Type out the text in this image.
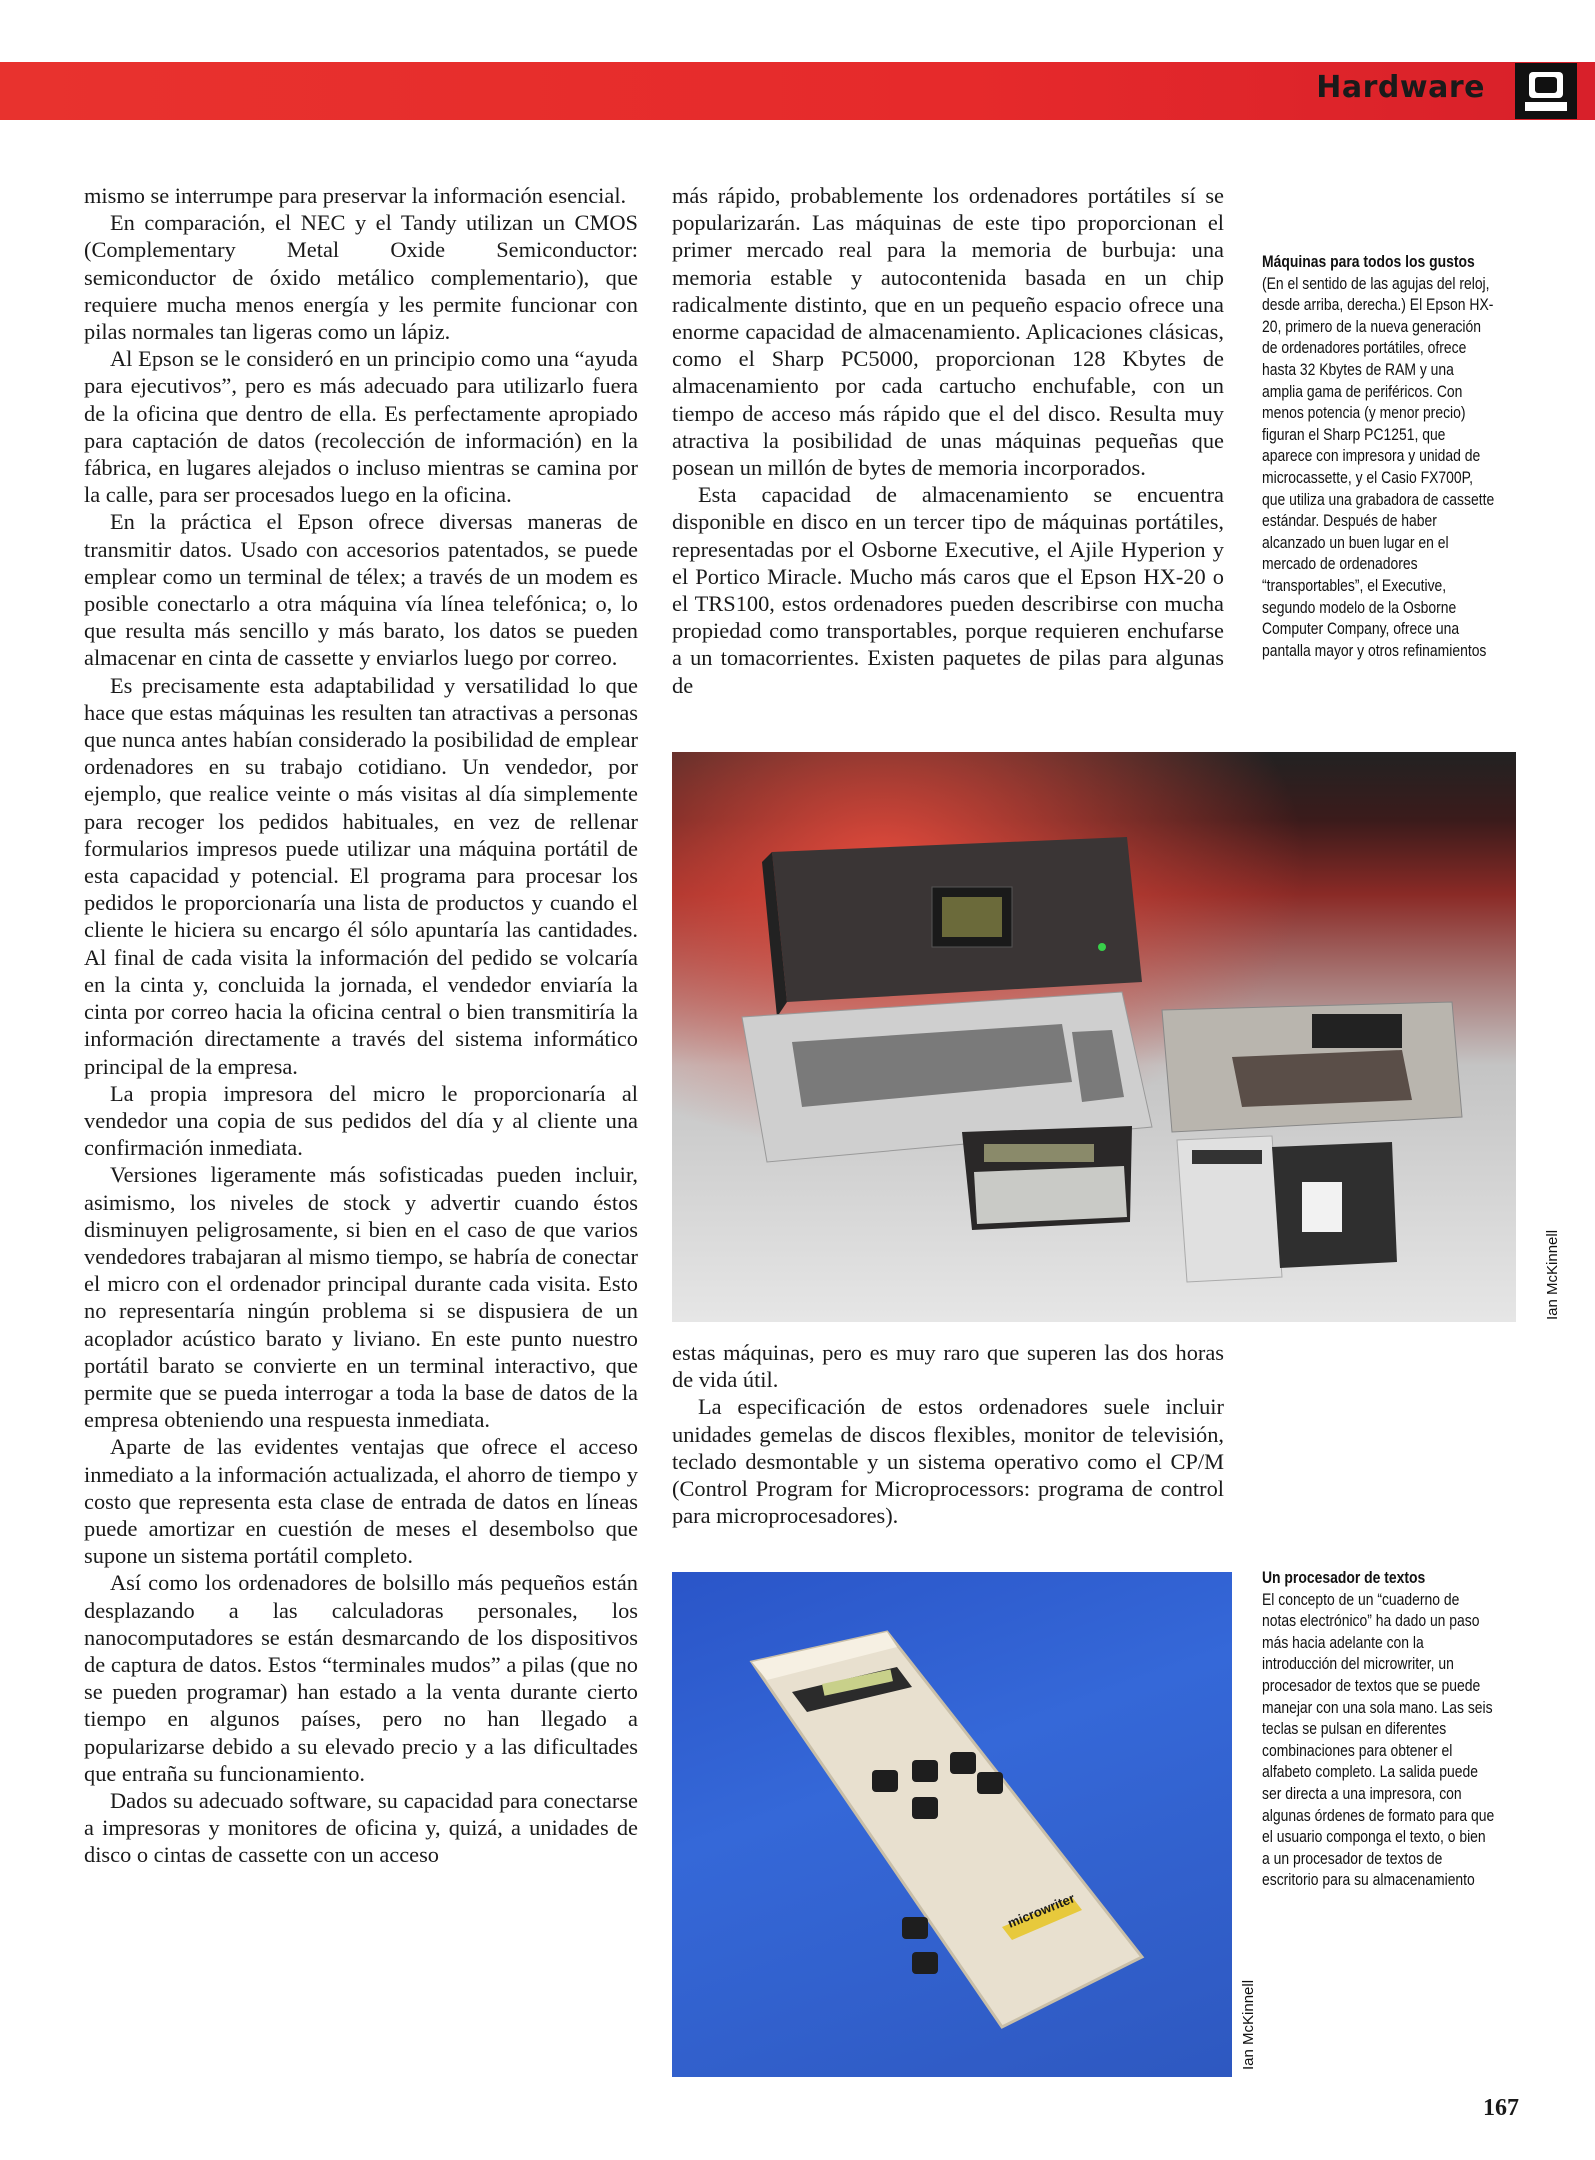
Hardware

mismo se interrumpe para preservar la información esencial.

En comparación, el NEC y el Tandy utilizan un CMOS (Complementary Metal Oxide Semiconductor: semiconductor de óxido metálico complementario), que requiere mucha menos energía y les permite funcionar con pilas normales tan ligeras como un lápiz.

Al Epson se le consideró en un principio como una “ayuda para ejecutivos”, pero es más adecuado para utilizarlo fuera de la oficina que dentro de ella. Es perfectamente apropiado para captación de datos (recolección de información) en la fábrica, en lugares alejados o incluso mientras se camina por la calle, para ser procesados luego en la oficina.

En la práctica el Epson ofrece diversas maneras de transmitir datos. Usado con accesorios patentados, se puede emplear como un terminal de télex; a través de un modem es posible conectarlo a otra máquina vía línea telefónica; o, lo que resulta más sencillo y más barato, los datos se pueden almacenar en cinta de cassette y enviarlos luego por correo.

Es precisamente esta adaptabilidad y versatilidad lo que hace que estas máquinas les resulten tan atractivas a personas que nunca antes habían considerado la posibilidad de emplear ordenadores en su trabajo cotidiano. Un vendedor, por ejemplo, que realice veinte o más visitas al día simplemente para recoger los pedidos habituales, en vez de rellenar formularios impresos puede utilizar una máquina portátil de esta capacidad y potencial. El programa para procesar los pedidos le proporcionaría una lista de productos y cuando el cliente le hiciera su encargo él sólo apuntaría las cantidades. Al final de cada visita la información del pedido se volcaría en la cinta y, concluida la jornada, el vendedor enviaría la cinta por correo hacia la oficina central o bien transmitiría la información directamente a través del sistema informático principal de la empresa.

La propia impresora del micro le proporcionaría al vendedor una copia de sus pedidos del día y al cliente una confirmación inmediata.

Versiones ligeramente más sofisticadas pueden incluir, asimismo, los niveles de stock y advertir cuando éstos disminuyen peligrosamente, si bien en el caso de que varios vendedores trabajaran al mismo tiempo, se habría de conectar el micro con el ordenador principal durante cada visita. Esto no representaría ningún problema si se dispusiera de un acoplador acústico barato y liviano. En este punto nuestro portátil barato se convierte en un terminal interactivo, que permite que se pueda interrogar a toda la base de datos de la empresa obteniendo una respuesta inmediata.

Aparte de las evidentes ventajas que ofrece el acceso inmediato a la información actualizada, el ahorro de tiempo y costo que representa esta clase de entrada de datos en líneas puede amortizar en cuestión de meses el desembolso que supone un sistema portátil completo.

Así como los ordenadores de bolsillo más pequeños están desplazando a las calculadoras personales, los nanocomputadores se están desmarcando de los dispositivos de captura de datos. Estos “terminales mudos” a pilas (que no se pueden programar) han estado a la venta durante cierto tiempo en algunos países, pero no han llegado a popularizarse debido a su elevado precio y a las dificultades que entraña su funcionamiento.

Dados su adecuado software, su capacidad para conectarse a impresoras y monitores de oficina y, quizá, a unidades de disco o cintas de cassette con un acceso

más rápido, probablemente los ordenadores portátiles sí se popularizarán. Las máquinas de este tipo proporcionan el primer mercado real para la memoria de burbuja: una memoria estable y autocontenida basada en un chip radicalmente distinto, que en un pequeño espacio ofrece una enorme capacidad de almacenamiento. Aplicaciones clásicas, como el Sharp PC5000, proporcionan 128 Kbytes de almacenamiento por cada cartucho enchufable, con un tiempo de acceso más rápido que el del disco. Resulta muy atractiva la posibilidad de unas máquinas pequeñas que posean un millón de bytes de memoria incorporados.

Esta capacidad de almacenamiento se encuentra disponible en disco en un tercer tipo de máquinas portátiles, representadas por el Osborne Executive, el Ajile Hyperion y el Portico Miracle. Mucho más caros que el Epson HX-20 o el TRS100, estos ordenadores pueden describirse con mucha propiedad como transportables, porque requieren enchufarse a un tomacorrientes. Existen paquetes de pilas para algunas de

Máquinas para todos los gustos
(En el sentido de las agujas del reloj, desde arriba, derecha.) El Epson HX-20, primero de la nueva generación de ordenadores portátiles, ofrece hasta 32 Kbytes de RAM y una amplia gama de periféricos. Con menos potencia (y menor precio) figuran el Sharp PC1251, que aparece con impresora y unidad de microcassette, y el Casio FX700P, que utiliza una grabadora de cassette estándar. Después de haber alcanzado un buen lugar en el mercado de ordenadores “transportables”, el Executive, segundo modelo de la Osborne Computer Company, ofrece una pantalla mayor y otros refinamientos
Ian McKinnell

estas máquinas, pero es muy raro que superen las dos horas de vida útil.

La especificación de estos ordenadores suele incluir unidades gemelas de discos flexibles, monitor de televisión, teclado desmontable y un sistema operativo como el CP/M (Control Program for Microprocessors: programa de control para microprocesadores).

microwriter
Ian McKinnell
Un procesador de textos
El concepto de un “cuaderno de notas electrónico” ha dado un paso más hacia adelante con la introducción del microwriter, un procesador de textos que se puede manejar con una sola mano. Las seis teclas se pulsan en diferentes combinaciones para obtener el alfabeto completo. La salida puede ser directa a una impresora, con algunas órdenes de formato para que el usuario componga el texto, o bien a un procesador de textos de escritorio para su almacenamiento
167
